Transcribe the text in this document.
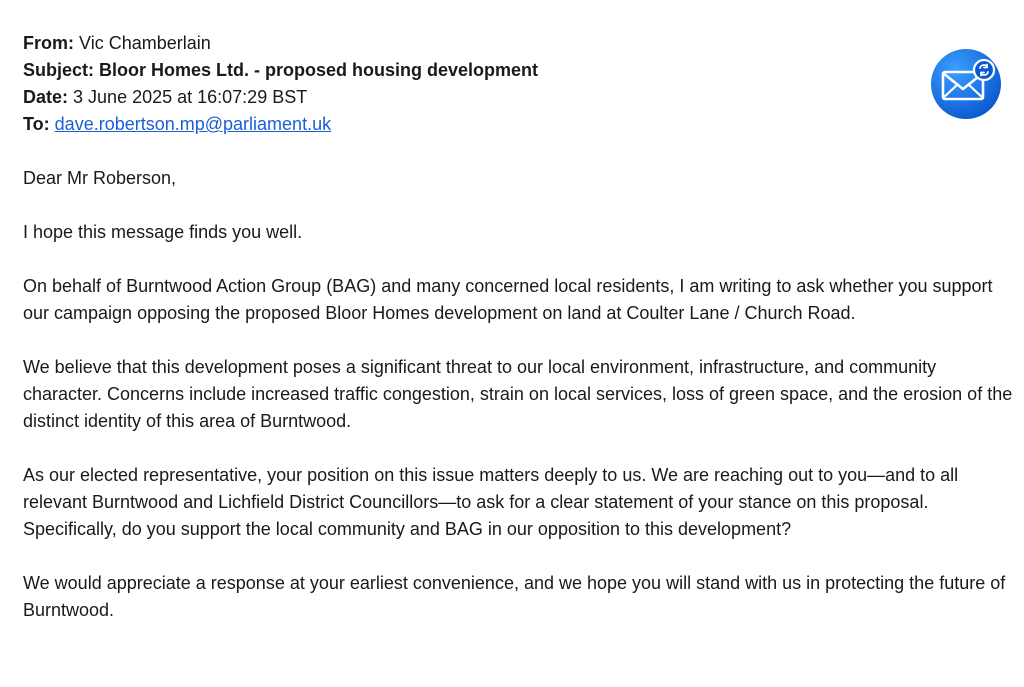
From: Vic Chamberlain
Subject: Bloor Homes Ltd. - proposed housing development
Date: 3 June 2025 at 16:07:29 BST
To: dave.robertson.mp@parliament.uk

Dear Mr Roberson,

I hope this message finds you well.

On behalf of Burntwood Action Group (BAG) and many concerned local residents, I am writing to ask whether you support our campaign opposing the proposed Bloor Homes development on land at Coulter Lane / Church Road.

We believe that this development poses a significant threat to our local environment, infrastructure, and community character. Concerns include increased traffic congestion, strain on local services, loss of green space, and the erosion of the distinct identity of this area of Burntwood.

As our elected representative, your position on this issue matters deeply to us. We are reaching out to you—and to all relevant Burntwood and Lichfield District Councillors—to ask for a clear statement of your stance on this proposal. Specifically, do you support the local community and BAG in our opposition to this development?

We would appreciate a response at your earliest convenience, and we hope you will stand with us in protecting the future of Burntwood.
